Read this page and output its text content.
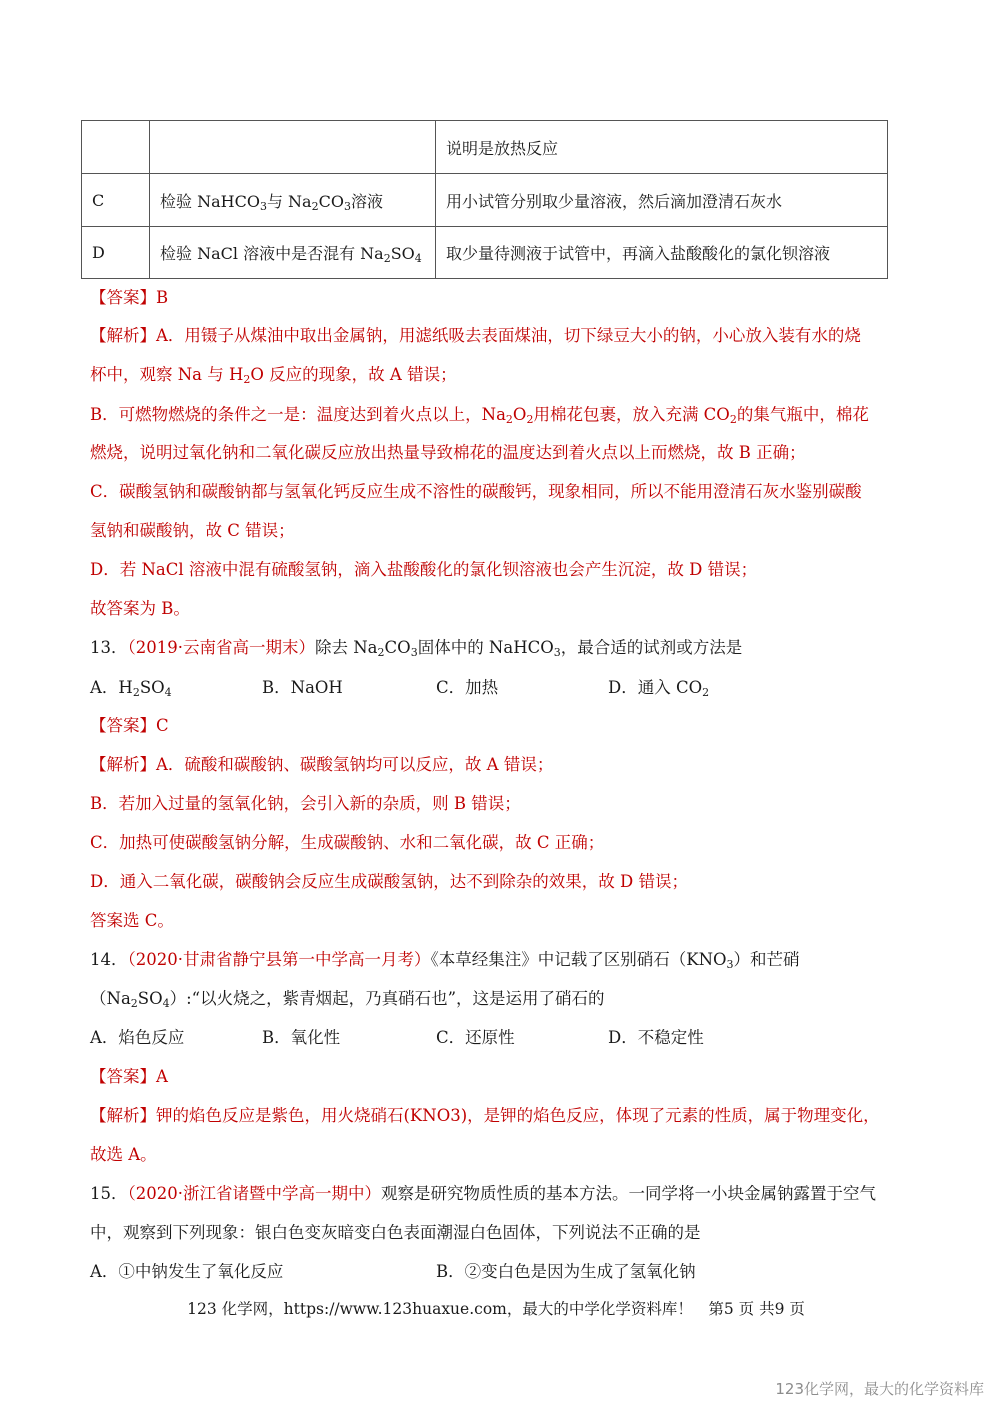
		说明是放热反应
C	检验 NaHCO$_3$与 $Na_2CO_3$溶液	用小试管分别取少量溶液，然后滴加澄清石灰水
D	检验 NaCl 溶液中是否混有 $Na_2SO_4$	取少量待测液于试管中，再滴入盐酸酸化的氯化钡溶液
【答案】B
【解析】A．用镊子从煤油中取出金属钠，用滤纸吸去表面煤油，切下绿豆大小的钠，小心放入装有水的烧
杯中，观察 Na 与 $H_2O$ 反应的现象，故 A 错误；
B．可燃物燃烧的条件之一是：温度达到着火点以上，$Na_2O_2$用棉花包裹，放入充满 $CO_2$的集气瓶中，棉花
燃烧，说明过氧化钠和二氧化碳反应放出热量导致棉花的温度达到着火点以上而燃烧，故 B 正确；
C．碳酸氢钠和碳酸钠都与氢氧化钙反应生成不溶性的碳酸钙，现象相同，所以不能用澄清石灰水鉴别碳酸
氢钠和碳酸钠，故 C 错误；
D．若 NaCl 溶液中混有硫酸氢钠，滴入盐酸酸化的氯化钡溶液也会产生沉淀，故 D 错误；
故答案为 B。
13．（2019·云南省高一期末）除去 $Na_2CO_3$固体中的 NaHCO$_3$，最合适的试剂或方法是
A．$H_2SO_4$	B．NaOH	C．加热	D．通入 $CO_2$
【答案】C
【解析】A．硫酸和碳酸钠、碳酸氢钠均可以反应，故 A 错误；
B．若加入过量的氢氧化钠，会引入新的杂质，则 B 错误；
C．加热可使碳酸氢钠分解，生成碳酸钠、水和二氧化碳，故 C 正确；
D．通入二氧化碳，碳酸钠会反应生成碳酸氢钠，达不到除杂的效果，故 D 错误；
答案选 C。
14．（2020·甘肃省静宁县第一中学高一月考）《本草经集注》中记载了区别硝石$(KNO_3)$和芒硝
$(Na_2SO_4):“$以火烧之，紫青烟起，乃真硝石也”，这是运用了硝石的
A．焰色反应	B．氧化性	C．还原性	D．不稳定性
【答案】A
【解析】钾的焰色反应是紫色，用火烧硝石(KNO3)，是钾的焰色反应，体现了元素的性质，属于物理变化，
故选 A。
15．（2020·浙江省诸暨中学高一期中）观察是研究物质性质的基本方法。一同学将一小块金属钠露置于空气
中，观察到下列现象：银白色变灰暗变白色表面潮湿白色固体，下列说法不正确的是
A．①中钠发生了氧化反应	B．②变白色是因为生成了氢氧化钠
123 化学网，https://www.123huaxue.com，最大的中学化学资料库！　第5 页 共9 页
123化学网，最大的化学资料库
